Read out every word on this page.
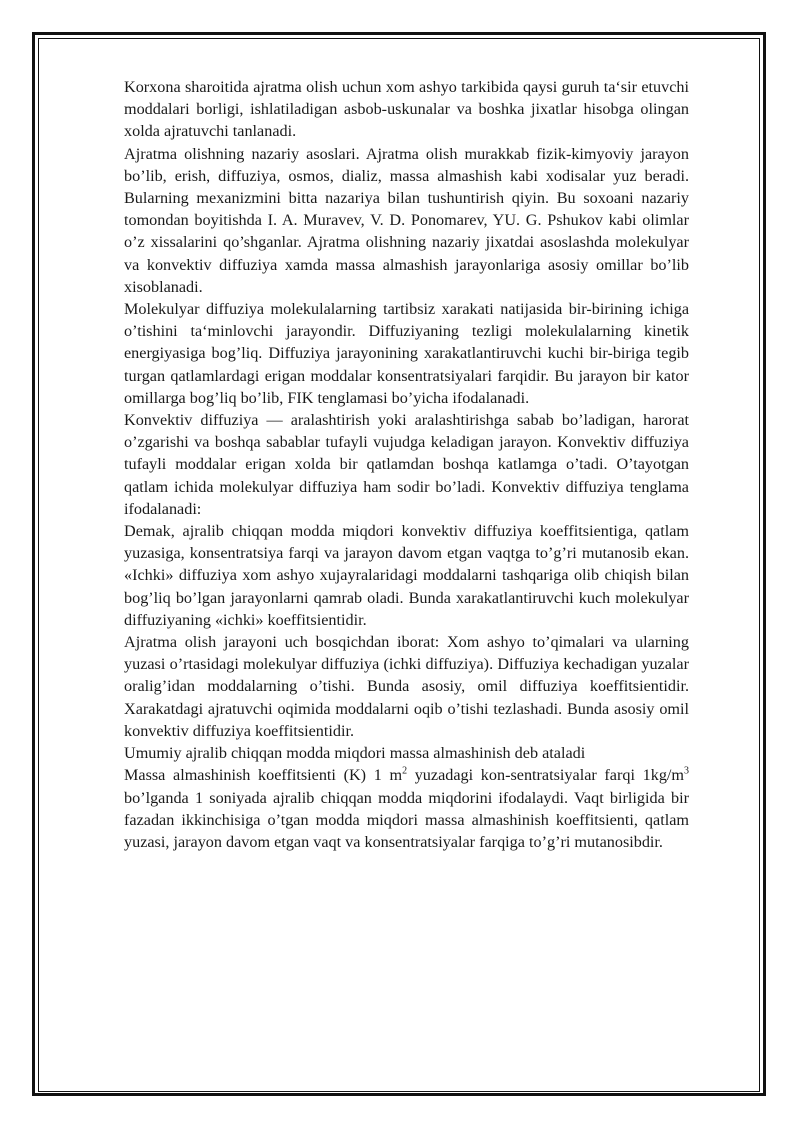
Korxona sharoitida ajratma olish uchun xom ashyo tarkibida qaysi guruh taʻsir etuvchi moddalari borligi, ishlatiladigan asbob-uskunalar va boshka jixatlar hisobga olingan xolda ajratuvchi tanlanadi.

Ajratma olishning nazariy asoslari. Ajratma olish murakkab fizik-kimyoviy jarayon bo’lib, erish, diffuziya, osmos, dializ, massa almashish kabi xodisalar yuz beradi. Bularning mexanizmini bitta nazariya bilan tushuntirish qiyin. Bu soxoani nazariy tomondan boyitishda I. A. Muravev, V. D. Ponomarev, YU. G. Pshukov kabi olimlar o’z xissalarini qo’shganlar. Ajratma olishning nazariy jixatdai asoslashda molekulyar va konvektiv diffuziya xamda massa almashish jarayonlariga asosiy omillar bo’lib xisoblanadi.

Molekulyar diffuziya molekulalarning tartibsiz xarakati natijasida bir-birining ichiga o’tishini taʻminlovchi jarayondir. Diffuziyaning tezligi molekulalarning kinetik energiyasiga bog’liq. Diffuziya jarayonining xarakatlantiruvchi kuchi bir-biriga tegib turgan qatlamlardagi erigan moddalar konsentratsiyalari farqidir. Bu jarayon bir kator omillarga bog’liq bo’lib, FIK tenglamasi bo’yicha ifodalanadi.

Konvektiv diffuziya — aralashtirish yoki aralashtirishga sabab bo’ladigan, harorat o’zgarishi va boshqa sabablar tufayli vujudga keladigan jarayon. Konvektiv diffuziya tufayli moddalar erigan xolda bir qatlamdan boshqa katlamga o’tadi. O’tayotgan qatlam ichida molekulyar diffuziya ham sodir bo’ladi. Konvektiv diffuziya tenglama ifodalanadi:

Demak, ajralib chiqqan modda miqdori konvektiv diffuziya koeffitsientiga, qatlam yuzasiga, konsentratsiya farqi va jarayon davom etgan vaqtga to’g’ri mutanosib ekan. «Ichki» diffuziya xom ashyo xujayralaridagi moddalarni tashqariga olib chiqish bilan bog’liq bo’lgan jarayonlarni qamrab oladi. Bunda xarakatlantiruvchi kuch molekulyar diffuziyaning «ichki» koeffitsientidir.

Ajratma olish jarayoni uch bosqichdan iborat: Xom ashyo to’qimalari va ularning yuzasi o’rtasidagi molekulyar diffuziya (ichki diffuziya). Diffuziya kechadigan yuzalar oralig’idan moddalarning o’tishi. Bunda asosiy, omil diffuziya koeffitsientidir. Xarakatdagi ajratuvchi oqimida moddalarni oqib o’tishi tezlashadi. Bunda asosiy omil konvektiv diffuziya koeffitsientidir.

Umumiy ajralib chiqqan modda miqdori massa almashinish deb ataladi

Massa almashinish koeffitsienti (K) 1 $m^2$ yuzadagi kon-sentratsiyalar farqi $1kg/m^3$ bo’lganda 1 soniyada ajralib chiqqan modda miqdorini ifodalaydi. Vaqt birligida bir fazadan ikkinchisiga o’tgan modda miqdori massa almashinish koeffitsienti, qatlam yuzasi, jarayon davom etgan vaqt va konsentratsiyalar farqiga to’g’ri mutanosibdir.
